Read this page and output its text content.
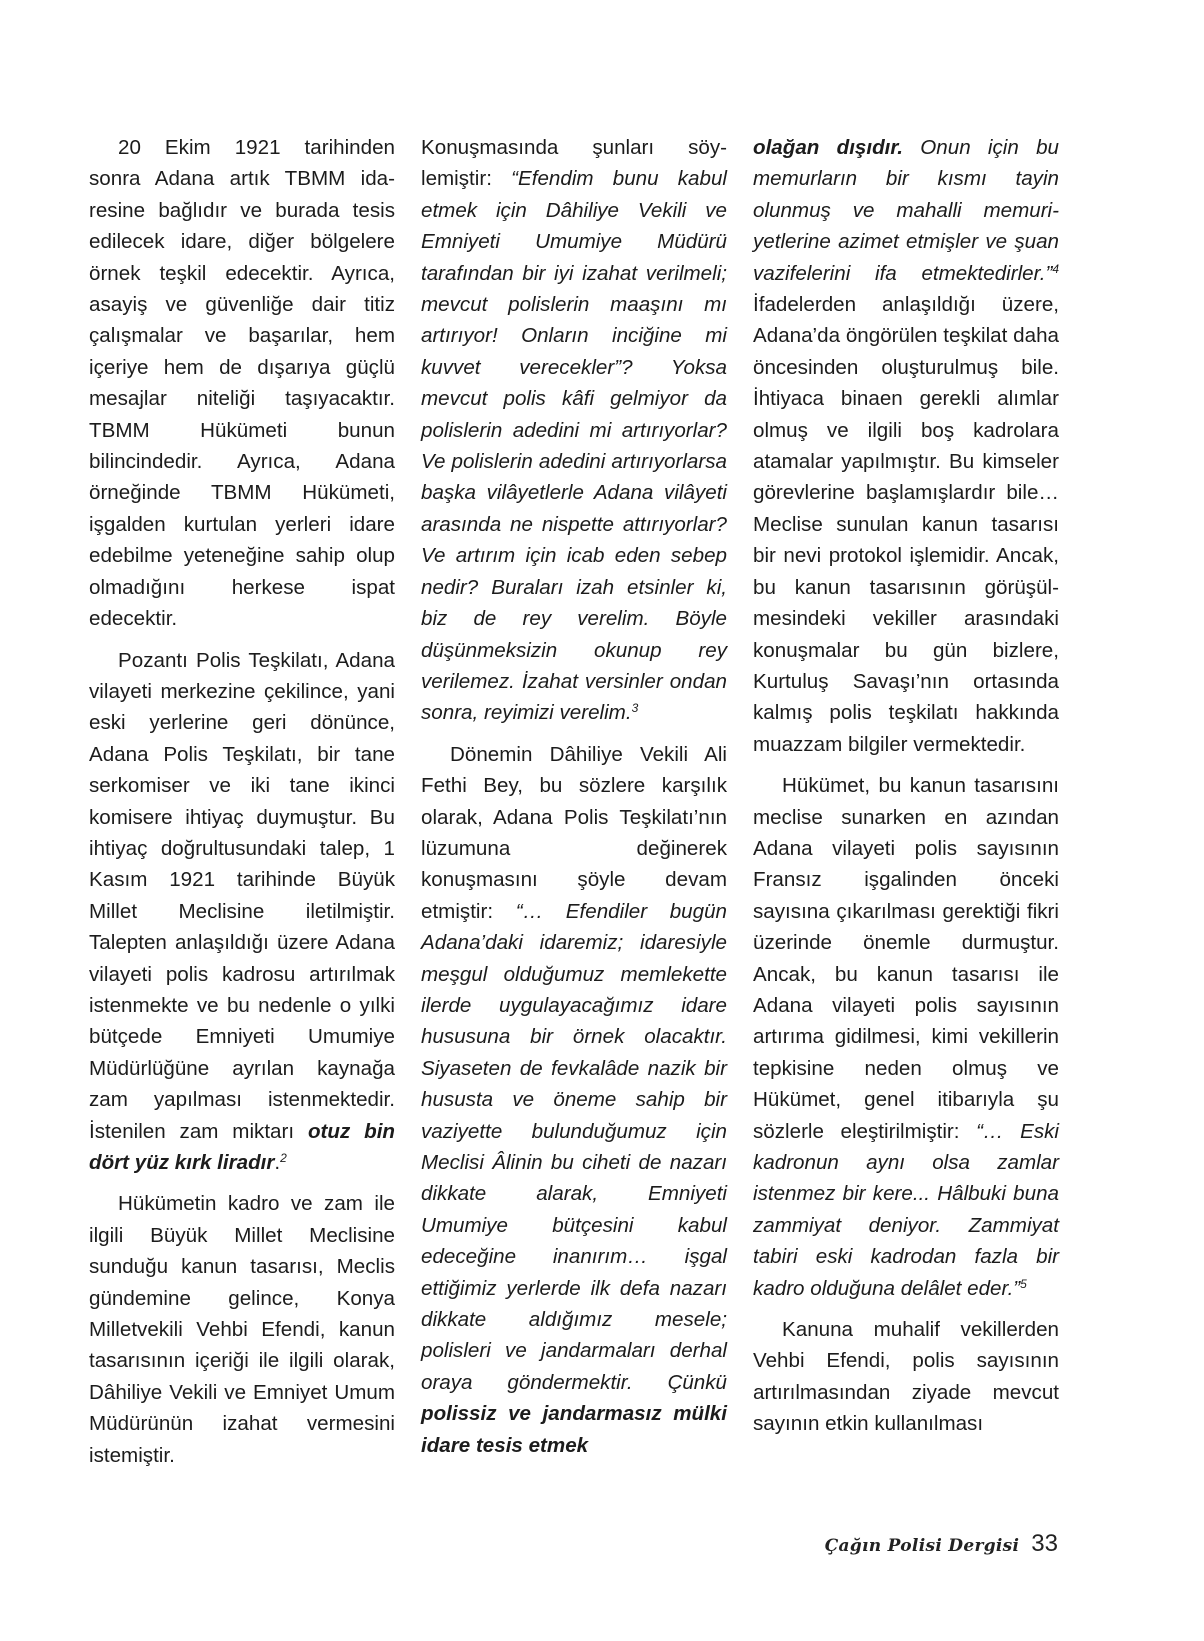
20 Ekim 1921 tarihinden sonra Adana artık TBMM idaresine bağlıdır ve burada tesis edilecek idare, diğer bölgelere örnek teşkil edecektir. Ayrıca, asayiş ve güvenliğe dair titiz çalışmalar ve başarılar, hem içeriye hem de dışarıya güçlü mesajlar niteliği taşıyacaktır. TBMM Hükümeti bunun bilincindedir. Ayrıca, Adana örneğinde TBMM Hükümeti, işgalden kurtulan yerleri idare edebilme yeteneğine sahip olup olmadığını herkese ispat edecektir.

Pozantı Polis Teşkilatı, Adana vilayeti merkezine çekilince, yani eski yerlerine geri dönünce, Adana Polis Teşkilatı, bir tane serkomiser ve iki tane ikinci komisere ihtiyaç duymuştur. Bu ihtiyaç doğrultusundaki talep, 1 Kasım 1921 tarihinde Büyük Millet Meclisine iletilmiştir. Talepten anlaşıldığı üzere Adana vilayeti polis kadrosu artırılmak istenmekte ve bu nedenle o yılki bütçede Emniyeti Umumiye Müdürlüğüne ayrılan kaynağa zam yapılması istenmektedir. İstenilen zam miktarı otuz bin dört yüz kırk liradır.$^2$

Hükümetin kadro ve zam ile ilgili Büyük Millet Meclisine sunduğu kanun tasarısı, Meclis gündemine gelince, Konya Milletvekili Vehbi Efendi, kanun tasarısının içeriği ile ilgili olarak, Dâhiliye Vekili ve Emniyet Umum Müdürünün izahat vermesini istemiştir.

Konuşmasında şunları söylemiştir: “Efendim bunu kabul etmek için Dâhiliye Vekili ve Emniyeti Umumiye Müdürü tarafından bir iyi izahat verilmeli; mevcut polislerin maaşını mı artırıyor! Onların inciğine mi kuvvet verecekler”? Yoksa mevcut polis kâfi gelmiyor da polislerin adedini mi artırıyorlar? Ve polislerin adedini artırıyorlarsa başka vilâyetlerle Adana vilâyeti arasında ne nispette attırıyorlar? Ve artırım için icab eden sebep nedir? Buraları izah etsinler ki, biz de rey verelim. Böyle düşünmeksizin okunup rey verilemez. İzahat versinler ondan sonra, reyimizi verelim.$^3$

Dönemin Dâhiliye Vekili Ali Fethi Bey, bu sözlere karşılık olarak, Adana Polis Teşkilatı’nın lüzumuna değinerek konuşmasını şöyle devam etmiştir: “… Efendiler bugün Adana’daki idaremiz; idaresiyle meşgul olduğumuz memlekette ilerde uygulayacağımız idare hususuna bir örnek olacaktır. Siyaseten de fevkalâde nazik bir hususta ve öneme sahip bir vaziyette bulunduğumuz için Meclisi Âlinin bu ciheti de nazarı dikkate alarak, Emniyeti Umumiye bütçesini kabul edeceğine inanırım… işgal ettiğimiz yerlerde ilk defa nazarı dikkate aldığımız mesele; polisleri ve jandarmaları derhal oraya göndermektir. Çünkü polissiz ve jandarmasız mülki idare tesis etmek

olağan dışıdır. Onun için bu memurların bir kısmı tayin olunmuş ve mahalli memuriyetlerine azimet etmişler ve şuan vazifelerini ifa etmektedirler.”$^4$ İfadelerden anlaşıldığı üzere, Adana’da öngörülen teşkilat daha öncesinden oluşturulmuş bile. İhtiyaca binaen gerekli alımlar olmuş ve ilgili boş kadrolara atamalar yapılmıştır. Bu kimseler görevlerine başlamışlardır bile… Meclise sunulan kanun tasarısı bir nevi protokol işlemidir. Ancak, bu kanun tasarısının görüşülmesindeki vekiller arasındaki konuşmalar bu gün bizlere, Kurtuluş Savaşı’nın ortasında kalmış polis teşkilatı hakkında muazzam bilgiler vermektedir.

Hükümet, bu kanun tasarısını meclise sunarken en azından Adana vilayeti polis sayısının Fransız işgalinden önceki sayısına çıkarılması gerektiği fikri üzerinde önemle durmuştur. Ancak, bu kanun tasarısı ile Adana vilayeti polis sayısının artırıma gidilmesi, kimi vekillerin tepkisine neden olmuş ve Hükümet, genel itibarıyla şu sözlerle eleştirilmiştir: “… Eski kadronun aynı olsa zamlar istenmez bir kere... Hâlbuki buna zammiyat deniyor. Zammiyat tabiri eski kadrodan fazla bir kadro olduğuna delâlet eder.”$^5$

Kanuna muhalif vekillerden Vehbi Efendi, polis sayısının artırılmasından ziyade mevcut sayının etkin kullanılması

Çağın Polisi Dergisi 33
